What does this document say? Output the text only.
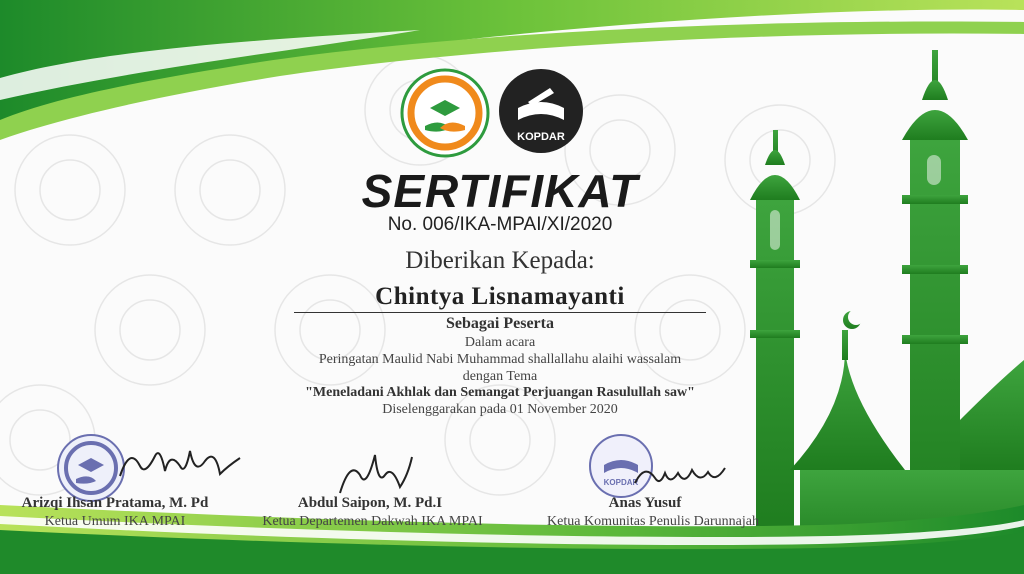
KOPDAR
SERTIFIKAT
No. 006/IKA-MPAI/XI/2020
Diberikan Kepada:
Chintya Lisnamayanti
Sebagai Peserta
Dalam acara
Peringatan Maulid Nabi Muhammad shallallahu alaihi wassalam
dengan Tema
"Meneladani Akhlak dan Semangat Perjuangan Rasulullah saw"
Diselenggarakan pada 01 November 2020
Arizqi Ihsan Pratama, M. Pd
Ketua Umum IKA MPAI
Abdul Saipon, M. Pd.I
Ketua Departemen Dakwah IKA MPAI
KOPDAR
Anas Yusuf
Ketua Komunitas Penulis Darunnajah
